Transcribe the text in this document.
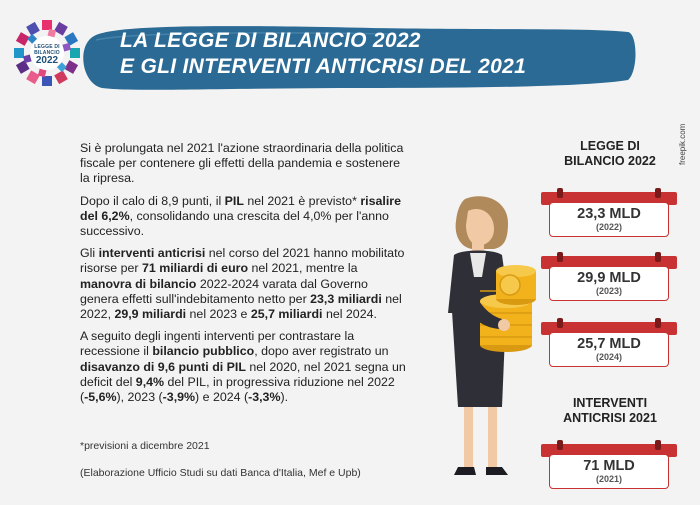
LEGGE DI BILANCIO
2022
LA LEGGE DI BILANCIO 2022
E GLI INTERVENTI ANTICRISI DEL 2021

Si è prolungata nel 2021 l'azione straordinaria della politica fiscale per contenere gli effetti della pandemia e sostenere la ripresa.

Dopo il calo di 8,9 punti, il PIL nel 2021 è previsto* risalire del 6,2%, consolidando una crescita del 4,0% per l'anno successivo.

Gli interventi anticrisi nel corso del 2021 hanno mobilitato risorse per 71 miliardi di euro nel 2021, mentre la manovra di bilancio 2022-2024 varata dal Governo genera effetti sull'indebitamento netto per 23,3 miliardi nel 2022, 29,9 miliardi nel 2023 e 25,7 miliardi nel 2024.

A seguito degli ingenti interventi per contrastare la recessione il bilancio pubblico, dopo aver registrato un disavanzo di 9,6 punti di PIL nel 2020, nel 2021 segna un deficit del 9,4% del PIL, in progressiva riduzione nel 2022 (-5,6%), 2023 (-3,9%) e 2024 (-3,3%).

*previsioni a dicembre 2021
(Elaborazione Ufficio Studi su dati Banca d'Italia, Mef e Upb)
LEGGE DI
BILANCIO 2022
23,3 MLD
(2022)
29,9 MLD
(2023)
25,7 MLD
(2024)
INTERVENTI
ANTICRISI 2021
71 MLD
(2021)
freepik.com
